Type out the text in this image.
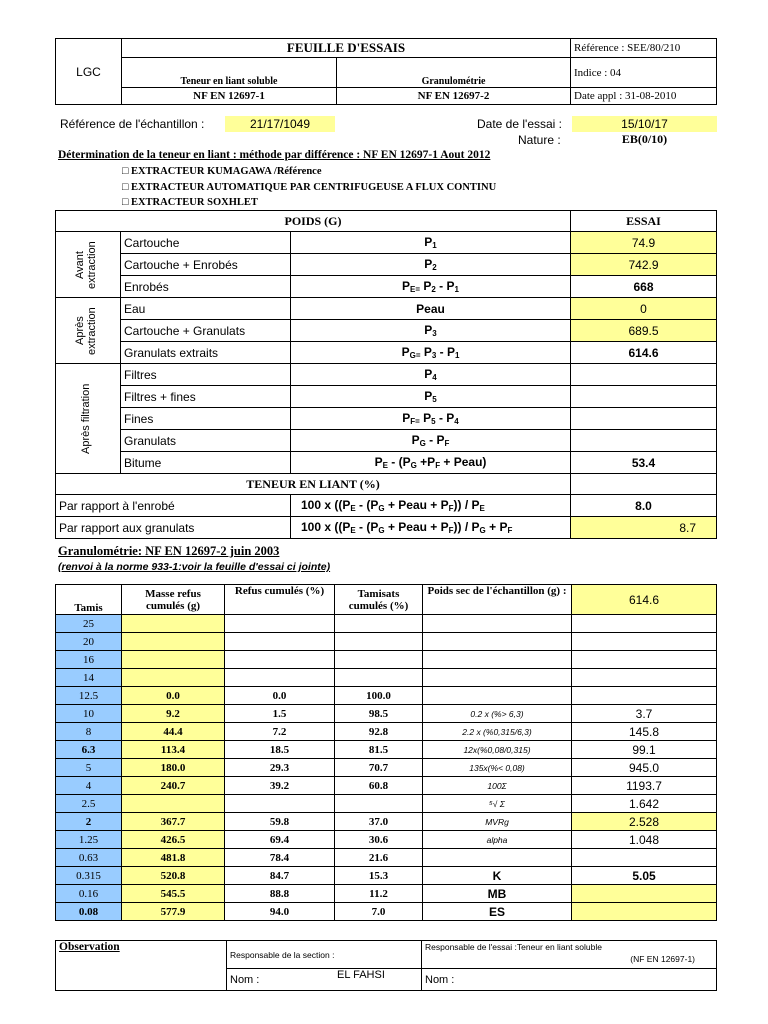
LGC	FEUILLE D'ESSAIS		Référence : SEE/80/210
	Teneur en liant soluble	Granulométrie	Indice : 04
	NF EN 12697-1	NF EN 12697-2	Date appl : 31-08-2010
Référence de l'échantillon :	21/17/1049	Date de l'essai :	15/10/17
Nature :	EB(0/10)
Détermination de la teneur en liant : méthode par différence : NF EN 12697-1 Aout 2012
□ EXTRACTEUR KUMAGAWA /Référence
□ EXTRACTEUR AUTOMATIQUE PAR CENTRIFUGEUSE A FLUX CONTINU
□ EXTRACTEUR SOXHLET
POIDS (G)			ESSAI

Avant extraction	Cartouche	$P_1$	74.9
	Cartouche + Enrobés	$P_2$	742.9
	Enrobés	$P_{E=}$ $P_2 - P_1$	668

Après extraction	Eau	Peau	0
	Cartouche + Granulats	$P_3$	689.5
	Granulats extraits	$P_{G=}$ $P_3 - P_1$	614.6

Après filtration	Filtres	$P_4$	
	Filtres + fines	$P_5$	
	Fines	$P_{F=}$ $P_5 - P_4$	
	Granulats	$P_G - P_F$	
	Bitume	$P_E - (P_G +P_F$ + Peau)	53.4
TENEUR EN LIANT (%)			
Par rapport à l'enrobé		100 x (($P_E - (P_G$ + Peau + $P_F)) / P_E$	8.0
Par rapport aux granulats		100 x (($P_E - (P_G$ + Peau + $P_F)) / P_G + P_F$	8.7
Granulométrie: NF EN 12697-2 juin 2003
(renvoi à la norme 933-1:voir la feuille d'essai ci jointe)
Tamis	Masse refus cumulés (g)	Refus cumulés (%)	Tamisats cumulés (%)	Poids sec de l'échantillon (g) :	614.6
25					
20					
16					
14					
12.5	0.0	0.0	100.0		
10	9.2	1.5	98.5	0.2 x (%> 6,3)	3.7
8	44.4	7.2	92.8	2.2 x (%0,315/6,3)	145.8
6.3	113.4	18.5	81.5	12x(%0,08/0,315)	99.1
5	180.0	29.3	70.7	135x(%< 0,08)	945.0
4	240.7	39.2	60.8	100Σ	1193.7
2.5				⁵√ Σ	1.642
2	367.7	59.8	37.0	MVRg	2.528
1.25	426.5	69.4	30.6	alpha	1.048
0.63	481.8	78.4	21.6		
0.315	520.8	84.7	15.3	K	5.05
0.16	545.5	88.8	11.2	MB	
0.08	577.9	94.0	7.0	ES	
Observation	Responsable de la section :	Responsable de l'essai :Teneur en liant soluble
(NF EN 12697-1)

	Nom : EL FAHSI	Nom :
